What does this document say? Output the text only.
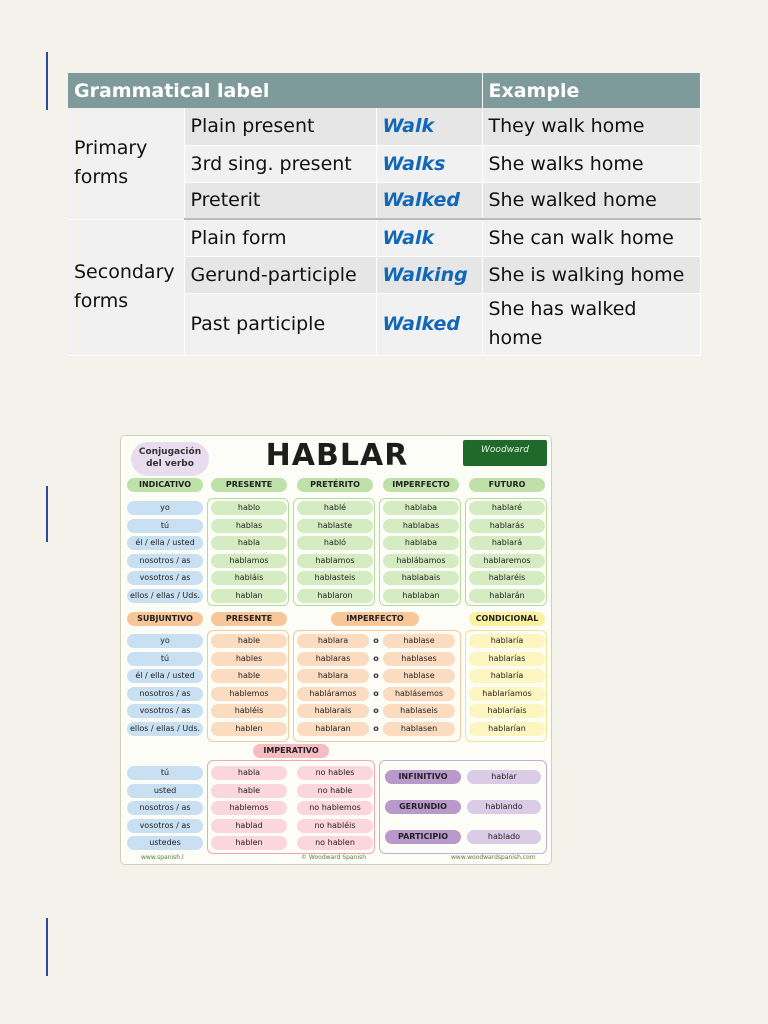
Grammatical label			Example
Primary forms	Plain present	Walk	They walk home
	3rd sing. present	Walks	She walks home
	Preterit	Walked	She walked home
Secondary forms	Plain form	Walk	She can walk home
	Gerund-participle	Walking	She is walking home
	Past participle	Walked	She has walked home
HABLAR
Conjugación del verbo
Woodward
INDICATIVO	PRESENTE	PRETÉRITO	IMPERFECTO	FUTURO
yo	hablo	hablé	hablaba	hablaré
tú	hablas	hablaste	hablabas	hablarás
él / ella / usted	habla	habló	hablaba	hablará
nosotros / as	hablamos	hablamos	hablábamos	hablaremos
vosotros / as	habláis	hablasteis	hablabais	hablaréis
ellos / ellas / Uds.	hablan	hablaron	hablaban	hablarán
SUBJUNTIVO	PRESENTE	IMPERFECTO	CONDICIONAL
yo	hable	hablara	o	hablase	hablaría
tú	hables	hablaras	o	hablases	hablarías
él / ella / usted	hable	hablara	o	hablase	hablaría
nosotros / as	hablemos	habláramos	o	hablásemos	hablaríamos
vosotros / as	habléis	hablarais	o	hablaseis	hablaríais
ellos / ellas / Uds.	hablen	hablaran	o	hablasen	hablarían
IMPERATIVO
tú	habla	no hables
usted	hable	no hable
nosotros / as	hablemos	no hablemos
vosotros / as	hablad	no habléis
ustedes	hablen	no hablen
INFINITIVO	hablar
GERUNDIO	hablando
PARTICIPIO	hablado
www.spanish.l	© Woodward Spanish	www.woodwardspanish.com
